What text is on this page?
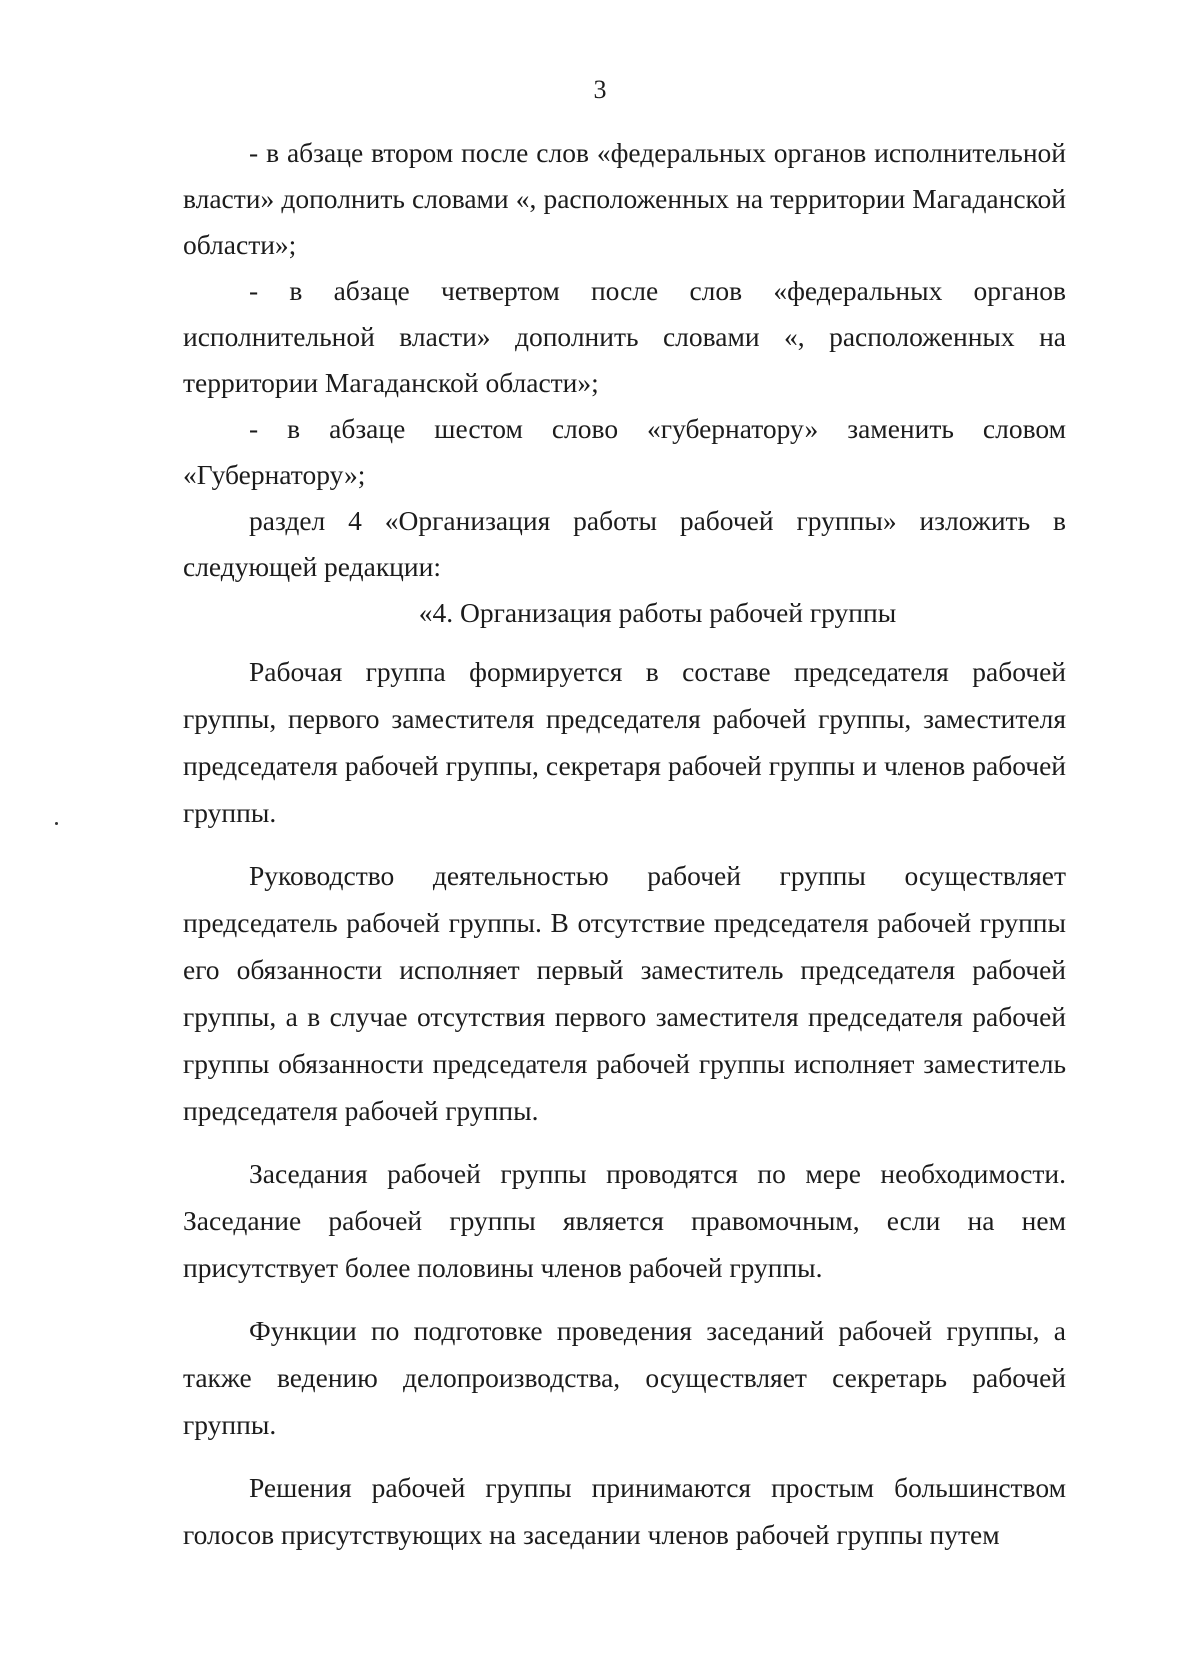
3

- в абзаце втором после слов «федеральных органов исполнительной власти» дополнить словами «, расположенных на территории Магаданской области»;

- в абзаце четвертом после слов «федеральных органов исполнительной власти» дополнить словами «, расположенных на территории Магаданской области»;

- в абзаце шестом слово «губернатору» заменить словом «Губернатору»;

раздел 4 «Организация работы рабочей группы» изложить в следующей редакции:

«4. Организация работы рабочей группы

Рабочая группа формируется в составе председателя рабочей группы, первого заместителя председателя рабочей группы, заместителя председателя рабочей группы, секретаря рабочей группы и членов рабочей группы.

Руководство деятельностью рабочей группы осуществляет председатель рабочей группы. В отсутствие председателя рабочей группы его обязанности исполняет первый заместитель председателя рабочей группы, а в случае отсутствия первого заместителя председателя рабочей группы обязанности председателя рабочей группы исполняет заместитель председателя рабочей группы.

Заседания рабочей группы проводятся по мере необходимости. Заседание рабочей группы является правомочным, если на нем присутствует более половины членов рабочей группы.

Функции по подготовке проведения заседаний рабочей группы, а также ведению делопроизводства, осуществляет секретарь рабочей группы.

Решения рабочей группы принимаются простым большинством голосов присутствующих на заседании членов рабочей группы путем
